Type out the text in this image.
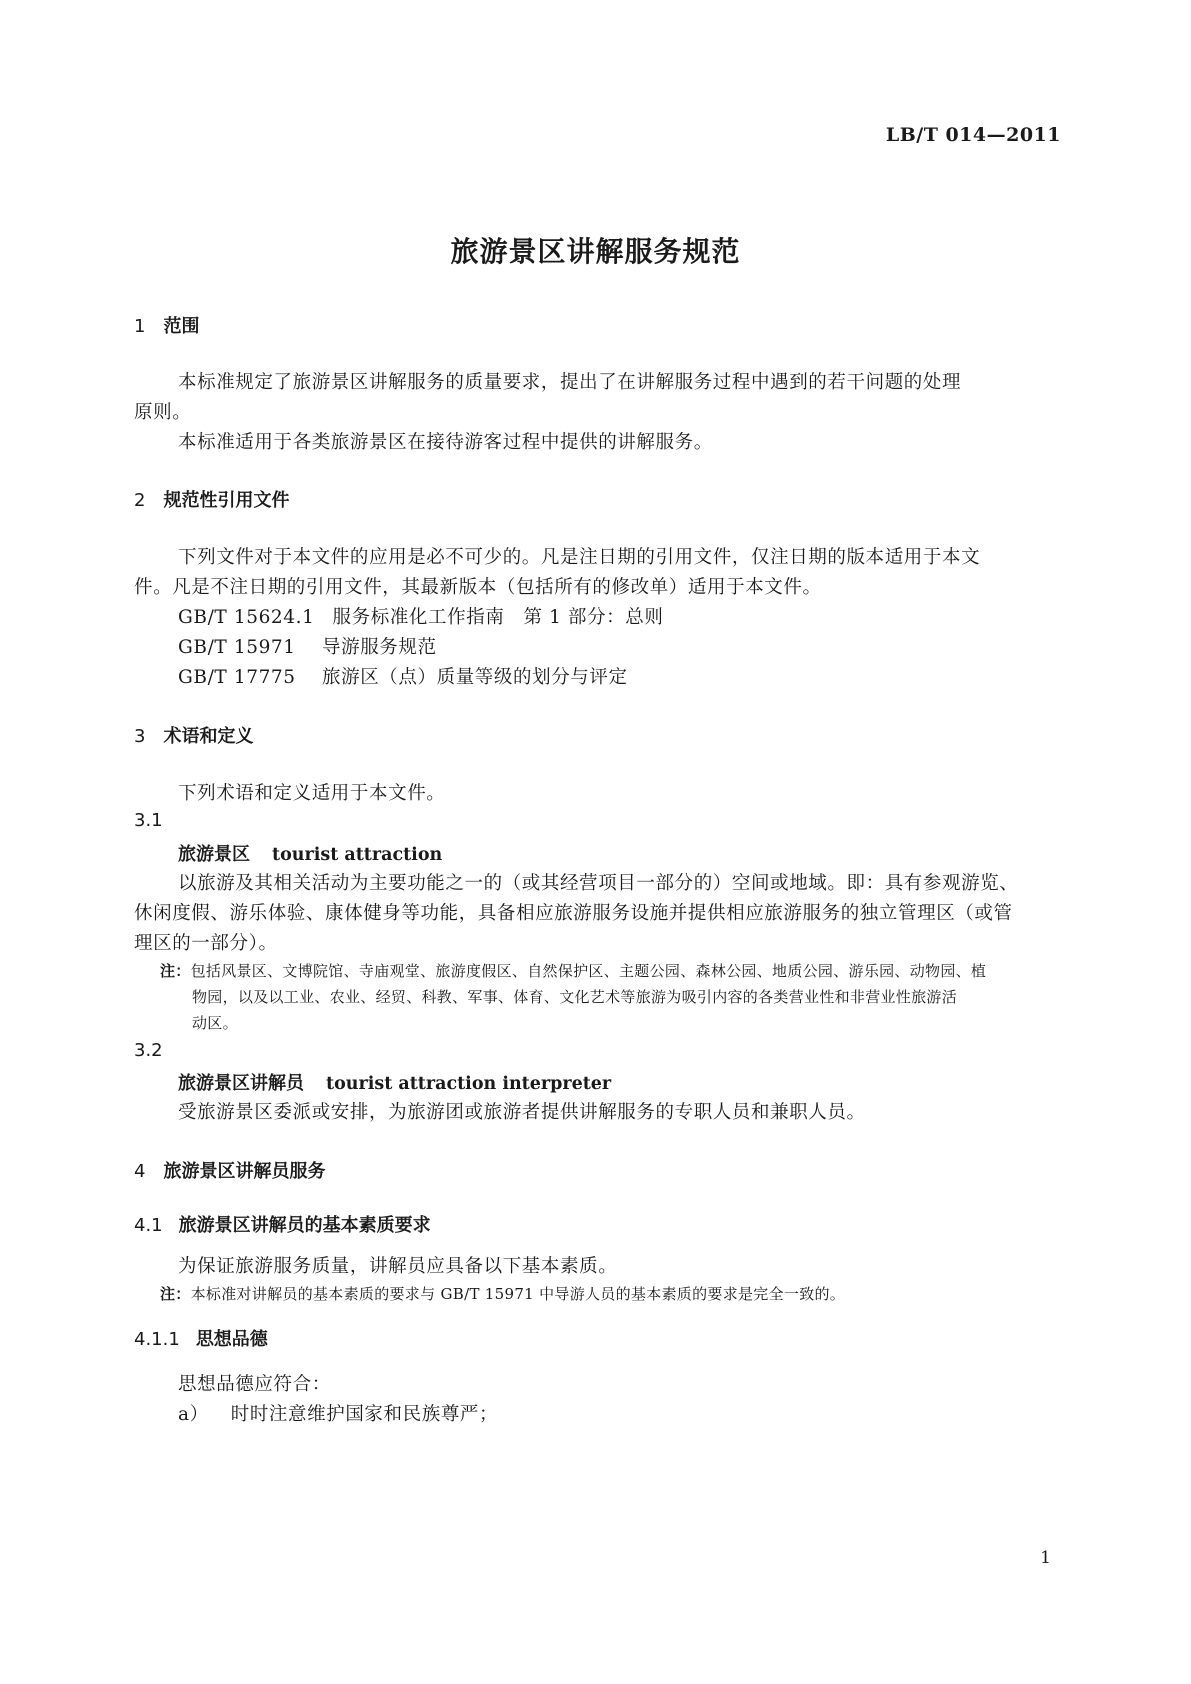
LB/T 014—2011
旅游景区讲解服务规范
1 范围
本标准规定了旅游景区讲解服务的质量要求，提出了在讲解服务过程中遇到的若干问题的处理
原则。
本标准适用于各类旅游景区在接待游客过程中提供的讲解服务。
2 规范性引用文件
下列文件对于本文件的应用是必不可少的。凡是注日期的引用文件，仅注日期的版本适用于本文
件。凡是不注日期的引用文件，其最新版本（包括所有的修改单）适用于本文件。
GB/T 15624.1 服务标准化工作指南　第 1 部分：总则
GB/T 15971 导游服务规范
GB/T 17775 旅游区（点）质量等级的划分与评定
3 术语和定义
下列术语和定义适用于本文件。
3.1
旅游景区 tourist attraction
以旅游及其相关活动为主要功能之一的（或其经营项目一部分的）空间或地域。即：具有参观游览、
休闲度假、游乐体验、康体健身等功能，具备相应旅游服务设施并提供相应旅游服务的独立管理区（或管
理区的一部分）。
注：包括风景区、文博院馆、寺庙观堂、旅游度假区、自然保护区、主题公园、森林公园、地质公园、游乐园、动物园、植
物园，以及以工业、农业、经贸、科教、军事、体育、文化艺术等旅游为吸引内容的各类营业性和非营业性旅游活
动区。
3.2
旅游景区讲解员 tourist attraction interpreter
受旅游景区委派或安排，为旅游团或旅游者提供讲解服务的专职人员和兼职人员。
4 旅游景区讲解员服务
4.1 旅游景区讲解员的基本素质要求
为保证旅游服务质量，讲解员应具备以下基本素质。
注：本标准对讲解员的基本素质的要求与 GB/T 15971 中导游人员的基本素质的要求是完全一致的。
4.1.1 思想品德
思想品德应符合：
a） 时时注意维护国家和民族尊严；
1
